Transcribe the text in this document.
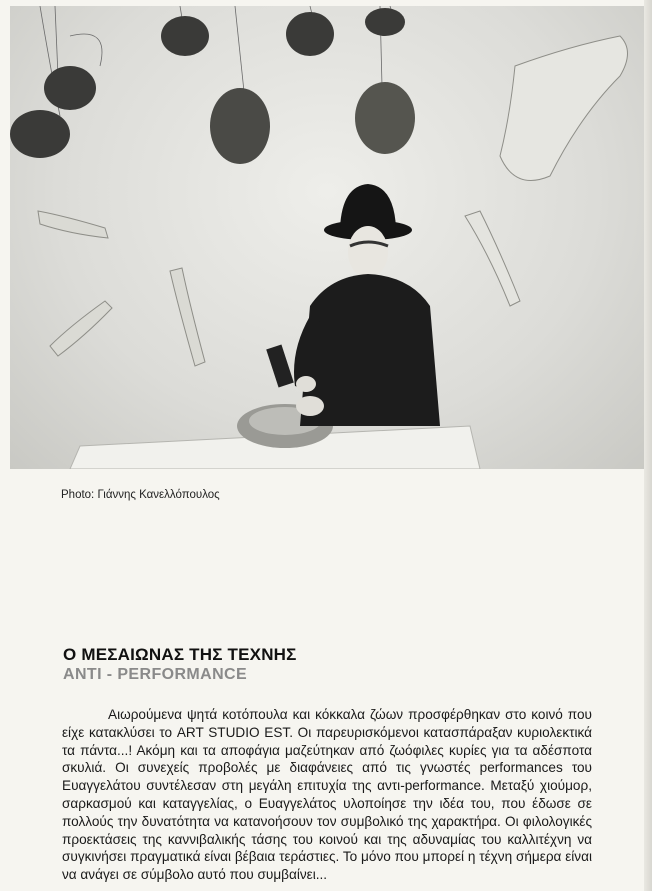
Photo: Γιάννης Κανελλόπουλος
Ο ΜΕΣΑΙΩΝΑΣ ΤΗΣ ΤΕΧΝΗΣ
ANTI - PERFORMANCE
Αιωρούμενα ψητά κοτόπουλα και κόκκαλα ζώων προσφέρθηκαν στο κοινό που είχε κατακλύσει το ART STUDIO EST. Οι παρευρισκόμενοι κατασπάραξαν κυριολεκτικά τα πάντα...! Ακόμη και τα αποφάγια μαζεύτηκαν από ζωόφιλες κυρίες για τα αδέσποτα σκυλιά. Οι συνεχείς προβολές με διαφάνειες από τις γνωστές performances του Ευαγγελάτου συντέλεσαν στη μεγάλη επιτυχία της αντι-performance. Μεταξύ χιούμορ, σαρκασμού και καταγγελίας, ο Ευαγγελάτος υλοποίησε την ιδέα του, που έδωσε σε πολλούς την δυνατότητα να κατανοήσουν τον συμβολικό της χαρακτήρα. Οι φιλολογικές προεκτάσεις της καννιβαλικής τάσης του κοινού και της αδυναμίας του καλλιτέχνη να συγκινήσει πραγματικά είναι βέβαια τεράστιες. Το μόνο που μπορεί η τέχνη σήμερα είναι να ανάγει σε σύμβολο αυτό που συμβαίνει...
